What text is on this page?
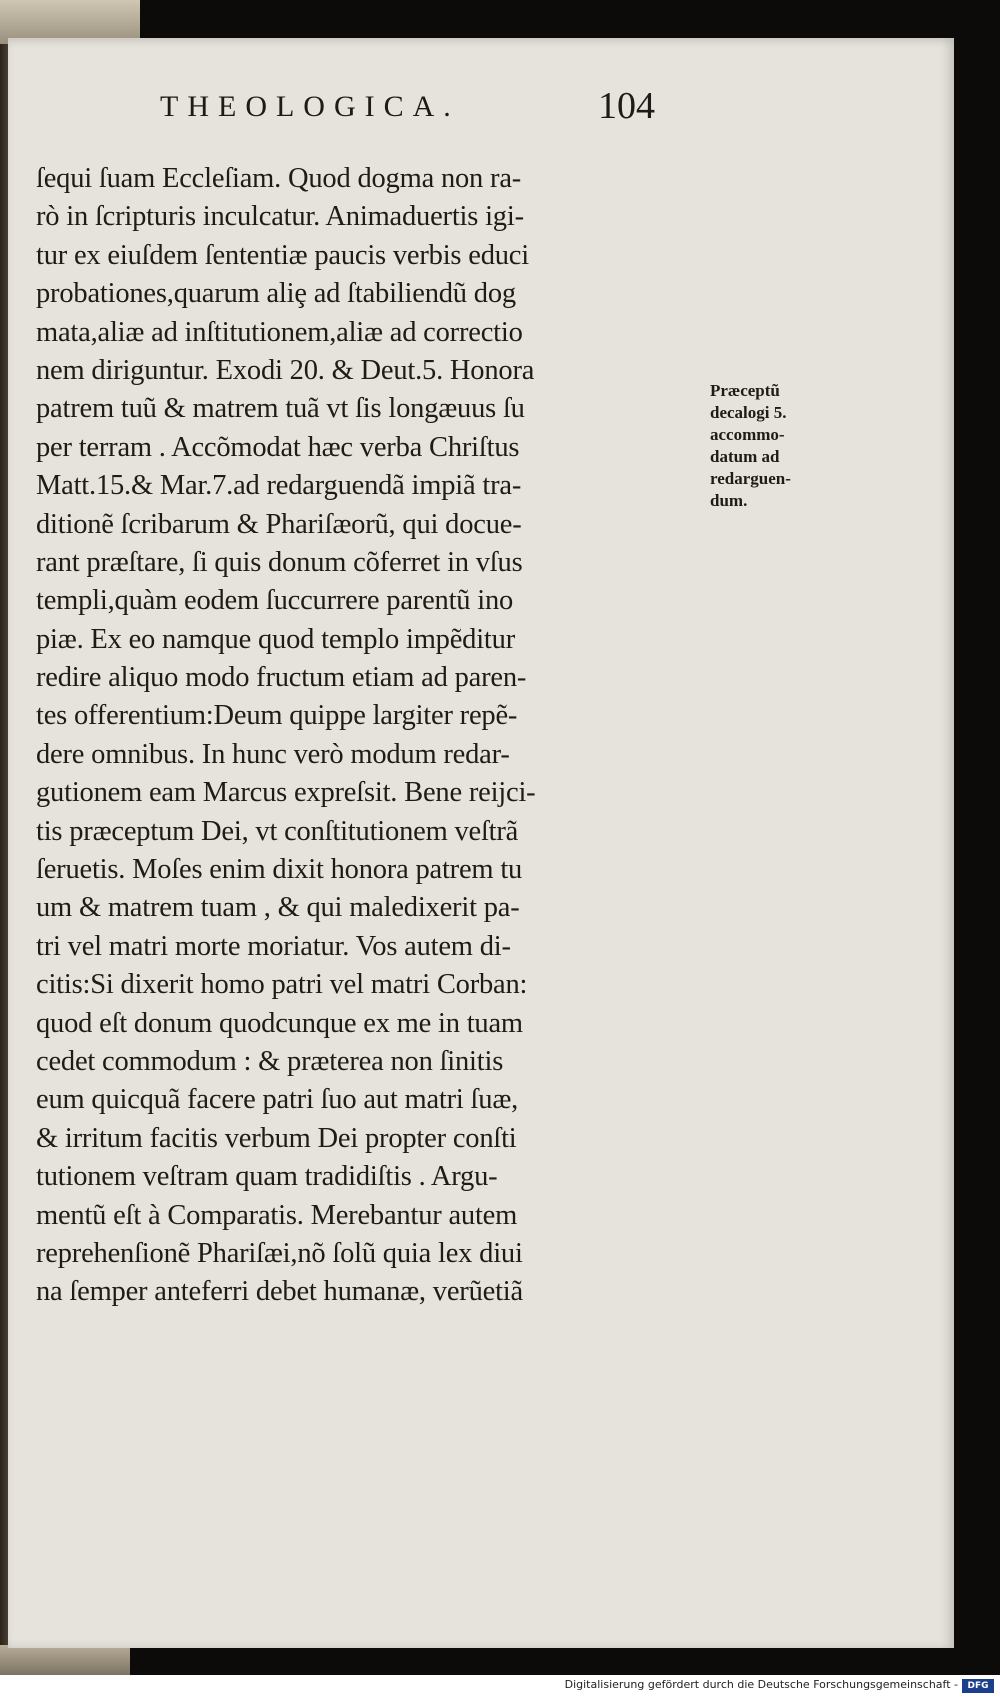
THEOLOGICA.	104
ſequi ſuam Eccleſiam. Quod dogma non ra-
rò in ſcripturis inculcatur. Animaduertis igi-
tur ex eiuſdem ſententiæ paucis verbis educi
probationes,quarum aliȩ ad ſtabiliendũ dog
mata,aliæ ad inſtitutionem,aliæ ad correctio
nem diriguntur. Exodi 20. & Deut.5. Honora
patrem tuũ & matrem tuã vt ſis longæuus ſu
per terram . Accõmodat hæc verba Chriſtus
Matt.15.& Mar.7.ad redarguendã impiã tra-
ditionẽ ſcribarum & Phariſæorũ, qui docue-
rant præſtare, ſi quis donum cõferret in vſus
templi,quàm eodem ſuccurrere parentũ ino
piæ. Ex eo namque quod templo impẽditur
redire aliquo modo fructum etiam ad paren-
tes offerentium:Deum quippe largiter repẽ-
dere omnibus. In hunc verò modum redar-
gutionem eam Marcus expreſsit. Bene reijci-
tis præceptum Dei, vt conſtitutionem veſtrã
ſeruetis. Moſes enim dixit honora patrem tu
um & matrem tuam , & qui maledixerit pa-
tri vel matri morte moriatur. Vos autem di-
citis:Si dixerit homo patri vel matri Corban:
quod eſt donum quodcunque ex me in tuam
cedet commodum : & præterea non ſinitis
eum quicquã facere patri ſuo aut matri ſuæ,
& irritum facitis verbum Dei propter conſti
tutionem veſtram quam tradidiſtis . Argu-
mentũ eſt à Comparatis. Merebantur autem
reprehenſionẽ Phariſæi,nõ ſolũ quia lex diui
na ſemper anteferri debet humanæ, verũetiã
Præceptũ
decalogi 5.
accommo-
datum ad
redarguen-
dum.
Digitalisierung gefördert durch die Deutsche Forschungsgemeinschaft -	DFG
